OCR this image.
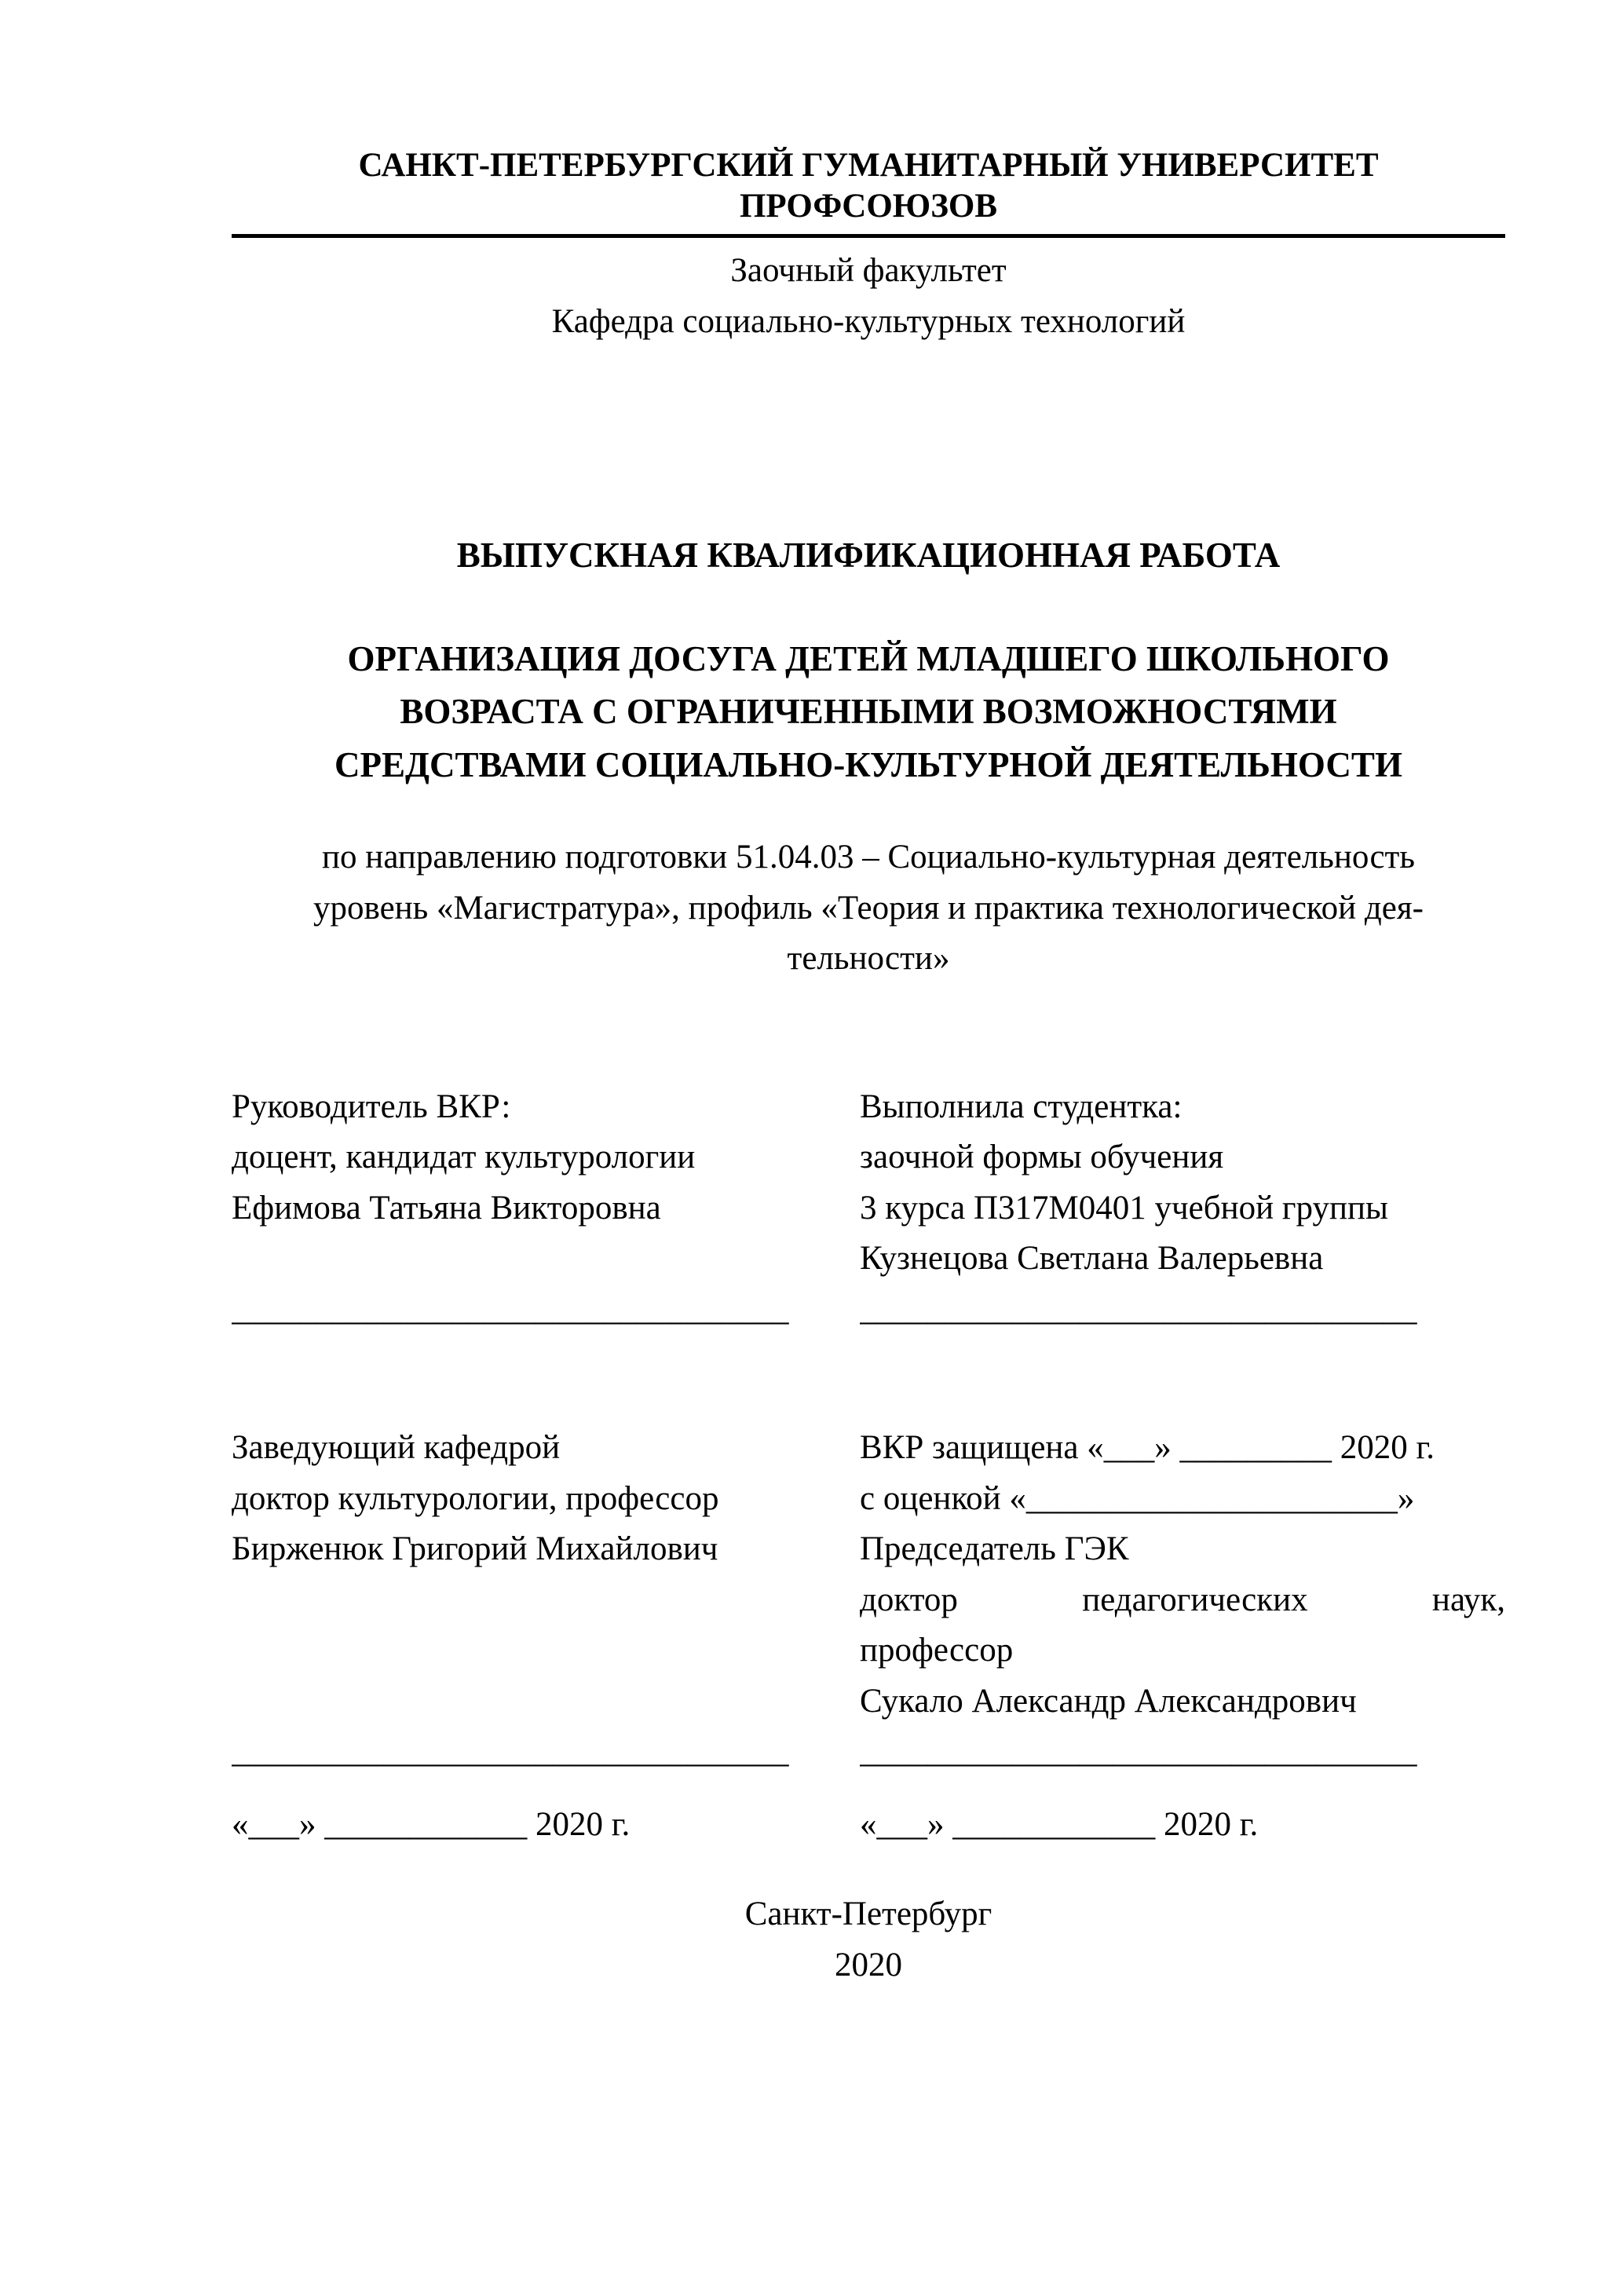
САНКТ-ПЕТЕРБУРГСКИЙ ГУМАНИТАРНЫЙ УНИВЕРСИТЕТ ПРОФСОЮЗОВ
Заочный факультет
Кафедра социально-культурных технологий
ВЫПУСКНАЯ КВАЛИФИКАЦИОННАЯ РАБОТА
ОРГАНИЗАЦИЯ ДОСУГА ДЕТЕЙ МЛАДШЕГО ШКОЛЬНОГО
ВОЗРАСТА С ОГРАНИЧЕННЫМИ ВОЗМОЖНОСТЯМИ
СРЕДСТВАМИ СОЦИАЛЬНО-КУЛЬТУРНОЙ ДЕЯТЕЛЬНОСТИ
по направлению подготовки 51.04.03 – Социально-культурная деятельность
уровень «Магистратура», профиль «Теория и практика технологической дея-
тельности»
Руководитель ВКР:
доцент, кандидат культурологии
Ефимова Татьяна Викторовна
_________________________________
Выполнила студентка:
заочной формы обучения
3 курса П317М0401 учебной группы
Кузнецова Светлана Валерьевна
_________________________________
Заведующий кафедрой
доктор культурологии, профессор
Бирженюк Григорий Михайлович
_________________________________
«___» ____________ 2020 г.
ВКР защищена «___» _________ 2020 г.
с оценкой «______________________»
Председатель ГЭК
доктор педагогических наук,
профессор
Сукало Александр Александрович
_________________________________
«___» ____________ 2020 г.
Санкт-Петербург
2020
